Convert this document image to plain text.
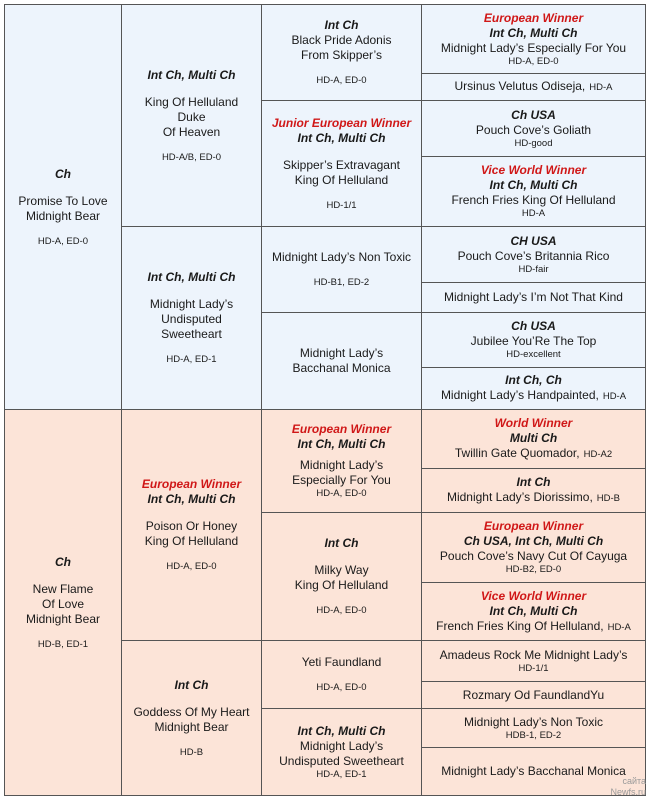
Ch
Promise To Love
Midnight Bear
HD-A, ED-0
Int Ch, Multi Ch
King Of Helluland
Duke
Of Heaven
HD-A/B, ED-0
Int Ch, Multi Ch
Midnight Lady’s
Undisputed
Sweetheart
HD-A, ED-1
Int Ch
Black Pride Adonis
From Skipper’s
HD-A, ED-0
Junior European Winner
Int Ch, Multi Ch
Skipper’s Extravagant
King Of Helluland
HD-1/1
Midnight Lady’s Non Toxic
HD-B1, ED-2
Midnight Lady’s
Bacchanal Monica
European Winner
Int Ch, Multi Ch
Midnight Lady’s Especially For You
HD-A, ED-0
Ursinus Velutus Odiseja, HD-A
Ch USA
Pouch Cove’s Goliath
HD-good
Vice World Winner
Int Ch, Multi Ch
French Fries King Of Helluland
HD-A
CH USA
Pouch Cove’s Britannia Rico
HD-fair
Midnight Lady’s I’m Not That Kind
Ch USA
Jubilee You’Re The Top
HD-excellent
Int Ch, Ch
Midnight Lady’s Handpainted, HD-A
Ch
New Flame
Of Love
Midnight Bear
HD-B, ED-1
European Winner
Int Ch, Multi Ch
Poison Or Honey
King Of Helluland
HD-A, ED-0
Int Ch
Goddess Of My Heart
Midnight Bear
HD-B
European Winner
Int Ch, Multi Ch
Midnight Lady’s
Especially For You
HD-A, ED-0
Int Ch
Milky Way
King Of Helluland
HD-A, ED-0
Yeti Faundland
HD-A, ED-0
Int Ch, Multi Ch
Midnight Lady’s
Undisputed Sweetheart
HD-A, ED-1
World Winner
Multi Ch
Twillin Gate Quomador, HD-A2
Int Ch
Midnight Lady’s Diorissimo, HD-B
European Winner
Ch USA, Int Ch, Multi Ch
Pouch Cove’s Navy Cut Of Cayuga
HD-B2, ED-0
Vice World Winner
Int Ch, Multi Ch
French Fries King Of Helluland, HD-A
Amadeus Rock Me Midnight Lady’s
HD-1/1
Rozmary Od FaundlandYu
Midnight Lady’s Non Toxic
HDB-1, ED-2
Midnight Lady’s Bacchanal Monica
сайта
Newfs.ru
